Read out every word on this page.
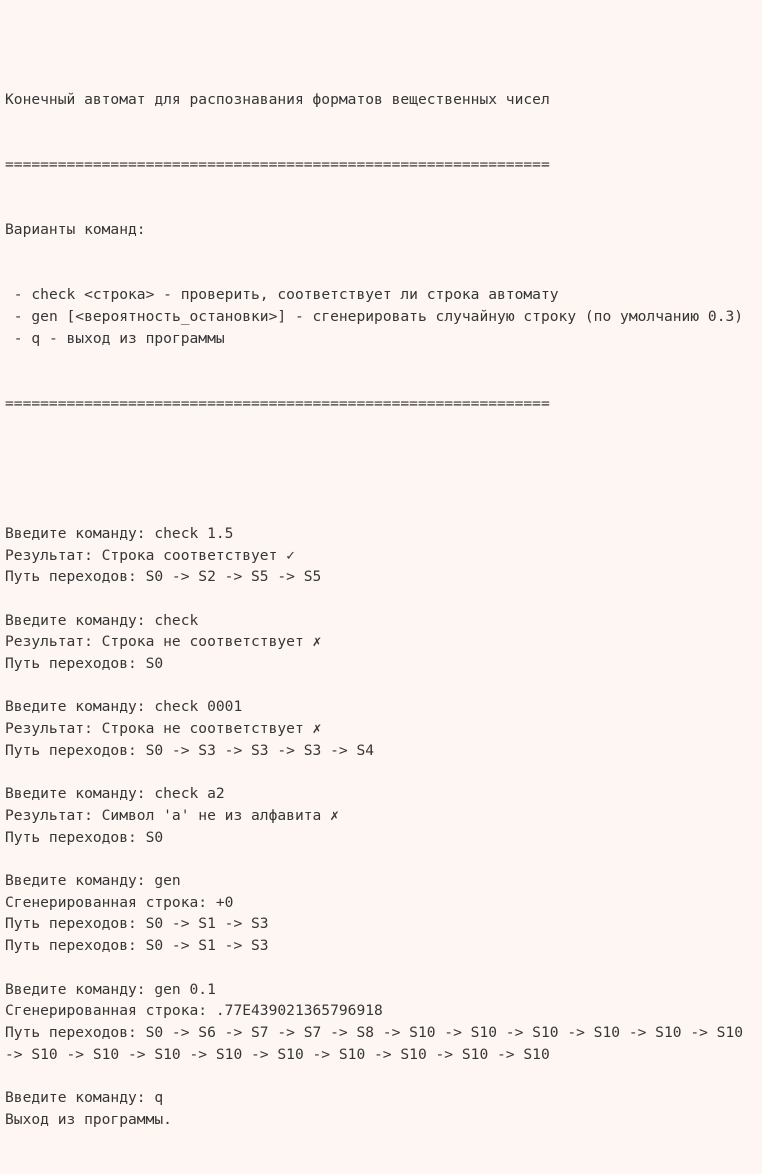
Конечный автомат для распознавания форматов вещественных чисел

==============================================================

Варианты команд:

- check <строка> - проверить, соответствует ли строка автомату
- gen [<вероятность_остановки>] - сгенерировать случайную строку (по умолчанию 0.3)
- q - выход из программы

==============================================================

Введите команду: check 1.5
Результат: Строка соответствует ✓
Путь переходов: S0 -> S2 -> S5 -> S5
Введите команду: check
Результат: Строка не соответствует ✗
Путь переходов: S0
Введите команду: check 0001
Результат: Строка не соответствует ✗
Путь переходов: S0 -> S3 -> S3 -> S3 -> S4
Введите команду: check a2
Результат: Символ 'a' не из алфавита ✗
Путь переходов: S0
Введите команду: gen
Сгенерированная строка: +0
Путь переходов: S0 -> S1 -> S3
Путь переходов: S0 -> S1 -> S3
Введите команду: gen 0.1
Сгенерированная строка: .77E439021365796918
Путь переходов: S0 -> S6 -> S7 -> S7 -> S8 -> S10 -> S10 -> S10 -> S10 -> S10 -> S10 -> S10 -> S10 -> S10 -> S10 -> S10 -> S10 -> S10 -> S10 -> S10
Введите команду: q
Выход из программы.
